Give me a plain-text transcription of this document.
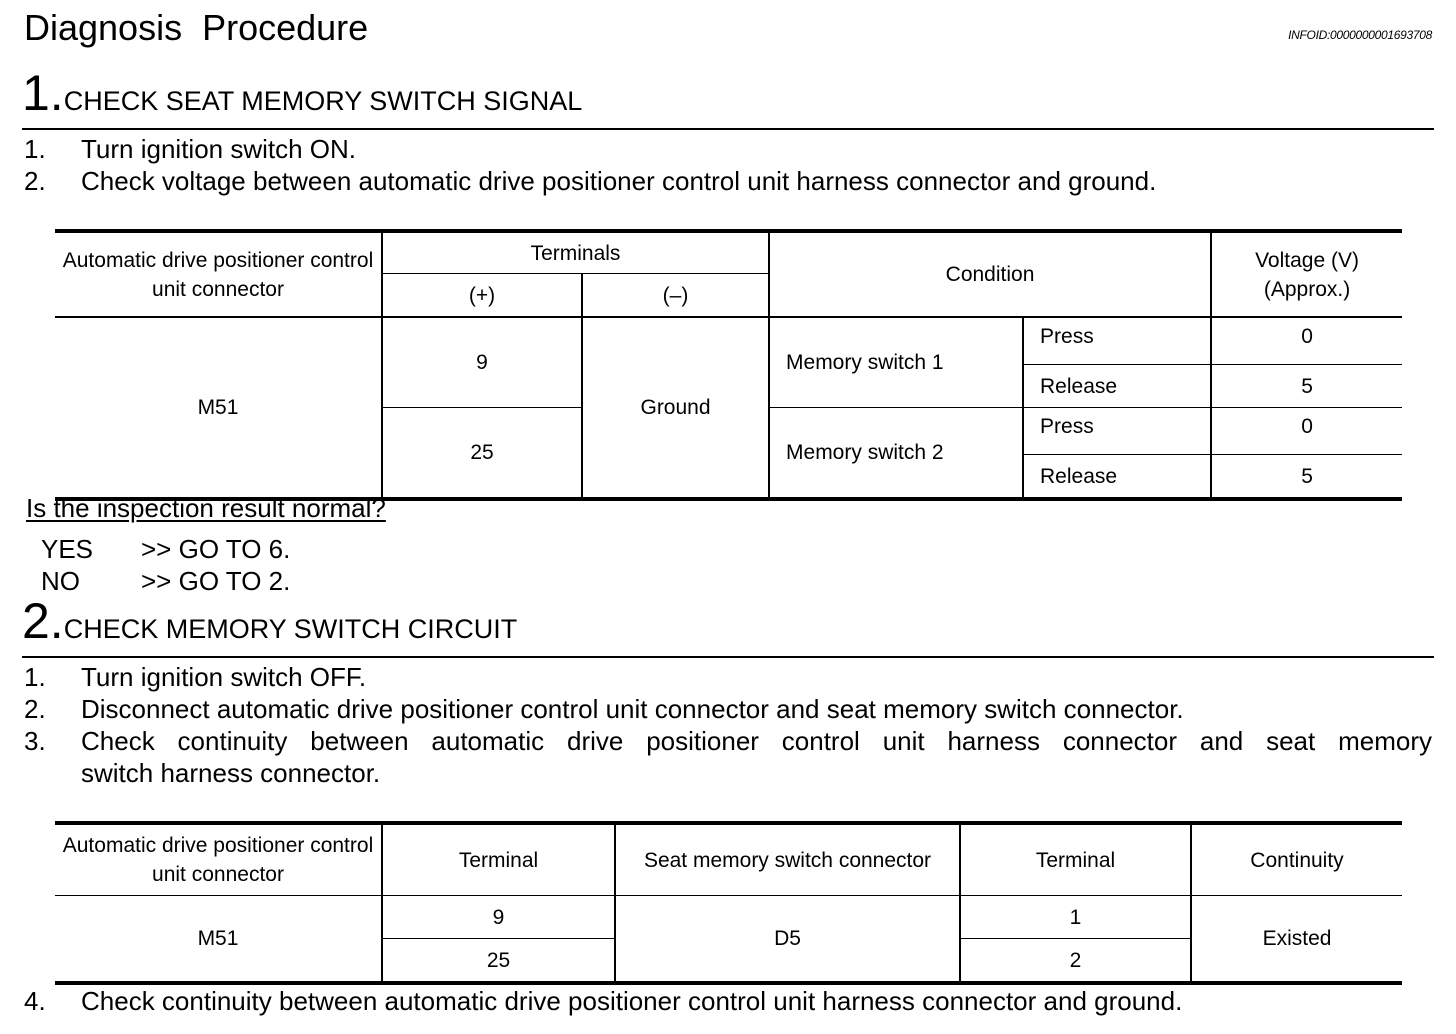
Diagnosis  Procedure	INFOID:0000000001693708
1.CHECK SEAT MEMORY SWITCH SIGNAL
1. Turn ignition switch ON.
2. Check voltage between automatic drive positioner control unit harness connector and ground.
Automatic drive positioner control unit connector	Terminals		Condition		Voltage (V) (Approx.)
	(+)	(–)			
M51	9	Ground	Memory switch 1	Press	0
				Release	5
	25		Memory switch 2	Press	0
				Release	5
Is the inspection result normal?
YES >> GO TO 6.
NO >> GO TO 2.
2.CHECK MEMORY SWITCH CIRCUIT
1. Turn ignition switch OFF.
2. Disconnect automatic drive positioner control unit connector and seat memory switch connector.
3.	Check continuity between automatic drive positioner control unit harness connector and seat memory
switch harness connector.
Automatic drive positioner control unit connector	Terminal	Seat memory switch connector	Terminal	Continuity
M51	9	D5	1	Existed
	25		2	
4. Check continuity between automatic drive positioner control unit harness connector and ground.
